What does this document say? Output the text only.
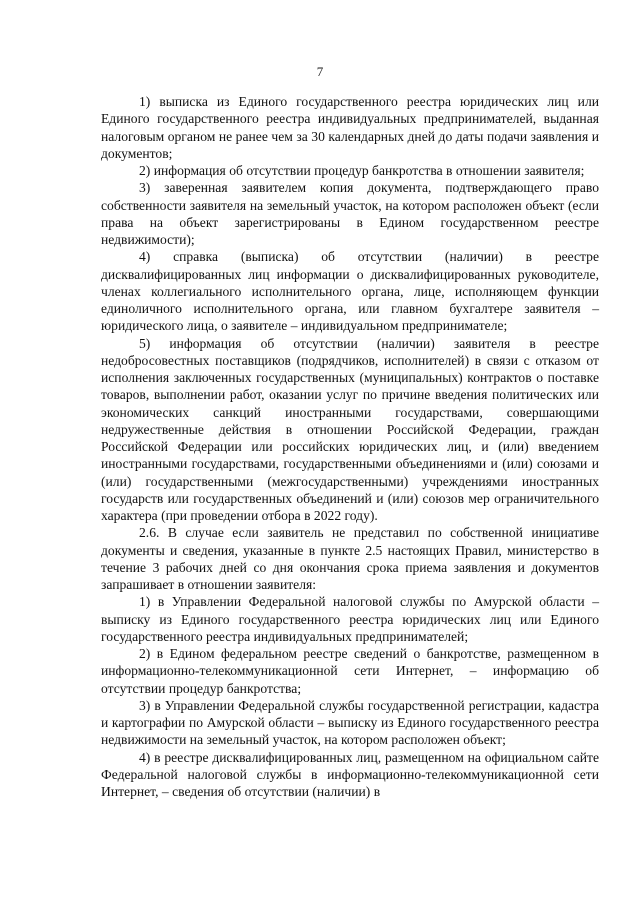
7

1) выписка из Единого государственного реестра юридических лиц или Единого государственного реестра индивидуальных предпринимателей, выданная налоговым органом не ранее чем за 30 календарных дней до даты подачи заявления и документов;

2) информация об отсутствии процедур банкротства в отношении заявителя;

3) заверенная заявителем копия документа, подтверждающего право собственности заявителя на земельный участок, на котором расположен объект (если права на объект зарегистрированы в Едином государственном реестре недвижимости);

4) справка (выписка) об отсутствии (наличии) в реестре дисквалифицированных лиц информации о дисквалифицированных руководителе, членах коллегиального исполнительного органа, лице, исполняющем функции единоличного исполнительного органа, или главном бухгалтере заявителя – юридического лица, о заявителе – индивидуальном предпринимателе;

5) информация об отсутствии (наличии) заявителя в реестре недобросовестных поставщиков (подрядчиков, исполнителей) в связи с отказом от исполнения заключенных государственных (муниципальных) контрактов о поставке товаров, выполнении работ, оказании услуг по причине введения политических или экономических санкций иностранными государствами, совершающими недружественные действия в отношении Российской Федерации, граждан Российской Федерации или российских юридических лиц, и (или) введением иностранными государствами, государственными объединениями и (или) союзами и (или) государственными (межгосударственными) учреждениями иностранных государств или государственных объединений и (или) союзов мер ограничительного характера (при проведении отбора в 2022 году).

2.6. В случае если заявитель не представил по собственной инициативе документы и сведения, указанные в пункте 2.5 настоящих Правил, министерство в течение 3 рабочих дней со дня окончания срока приема заявления и документов запрашивает в отношении заявителя:

1) в Управлении Федеральной налоговой службы по Амурской области – выписку из Единого государственного реестра юридических лиц или Единого государственного реестра индивидуальных предпринимателей;

2) в Едином федеральном реестре сведений о банкротстве, размещенном в информационно-телекоммуникационной сети Интернет, – информацию об отсутствии процедур банкротства;

3) в Управлении Федеральной службы государственной регистрации, кадастра и картографии по Амурской области – выписку из Единого государственного реестра недвижимости на земельный участок, на котором расположен объект;

4) в реестре дисквалифицированных лиц, размещенном на официальном сайте Федеральной налоговой службы в информационно-телекоммуникационной сети Интернет, – сведения об отсутствии (наличии) в
